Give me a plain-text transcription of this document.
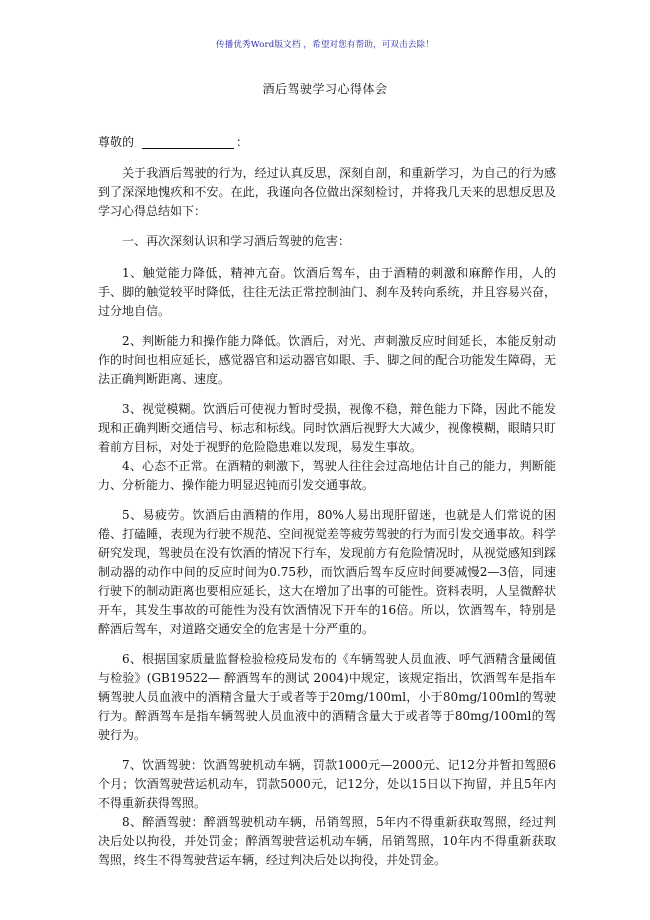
传播优秀Word版文档 ，希望对您有帮助，可双击去除！
酒后驾驶学习心得体会
尊敬的	：

关于我酒后驾驶的行为，经过认真反思，深刻自剖，和重新学习，为自己的行为感到了深深地愧疚和不安。在此，我谨向各位做出深刻检讨，并将我几天来的思想反思及学习心得总结如下：

一、再次深刻认识和学习酒后驾驶的危害：

1、触觉能力降低，精神亢奋。饮酒后驾车，由于酒精的刺激和麻醉作用，人的手、脚的触觉较平时降低，往往无法正常控制油门、刹车及转向系统，并且容易兴奋，过分地自信。

2、判断能力和操作能力降低。饮酒后，对光、声刺激反应时间延长，本能反射动作的时间也相应延长，感觉器官和运动器官如眼、手、脚之间的配合功能发生障碍，无法正确判断距离、速度。

3、视觉模糊。饮酒后可使视力暂时受损，视像不稳，辩色能力下降，因此不能发现和正确判断交通信号、标志和标线。同时饮酒后视野大大减少，视像模糊，眼睛只盯着前方目标，对处于视野的危险隐患难以发现，易发生事故。

4、心态不正常。在酒精的刺激下，驾驶人往往会过高地估计自己的能力，判断能力、分析能力、操作能力明显迟钝而引发交通事故。

5、易疲劳。饮酒后由酒精的作用，80%人易出现肝留迷，也就是人们常说的困倦、打磕睡，表现为行驶不规范、空间视觉差等疲劳驾驶的行为而引发交通事故。科学研究发现，驾驶员在没有饮酒的情况下行车，发现前方有危险情况时，从视觉感知到踩制动器的动作中间的反应时间为0.75秒，而饮酒后驾车反应时间要减慢2—3倍，同速行驶下的制动距离也要相应延长，这大在增加了出事的可能性。资料表明，人呈微醉状开车，其发生事故的可能性为没有饮酒情况下开车的16倍。所以，饮酒驾车，特别是醉酒后驾车，对道路交通安全的危害是十分严重的。

6、根据国家质量监督检验检疫局发布的《车辆驾驶人员血液、呼气酒精含量阈值与检验》(GB19522— 醉酒驾车的测试 2004)中规定，该规定指出，饮酒驾车是指车辆驾驶人员血液中的酒精含量大于或者等于20mg/100ml，小于80mg/100ml的驾驶行为。醉酒驾车是指车辆驾驶人员血液中的酒精含量大于或者等于80mg/100ml的驾驶行为。

7、饮酒驾驶：饮酒驾驶机动车辆，罚款1000元—2000元、记12分并暂扣驾照6个月；饮酒驾驶营运机动车，罚款5000元，记12分，处以15日以下拘留，并且5年内不得重新获得驾照。

8、醉酒驾驶：醉酒驾驶机动车辆，吊销驾照，5年内不得重新获取驾照，经过判决后处以拘役，并处罚金；醉酒驾驶营运机动车辆，吊销驾照，10年内不得重新获取驾照，终生不得驾驶营运车辆，经过判决后处以拘役，并处罚金。
